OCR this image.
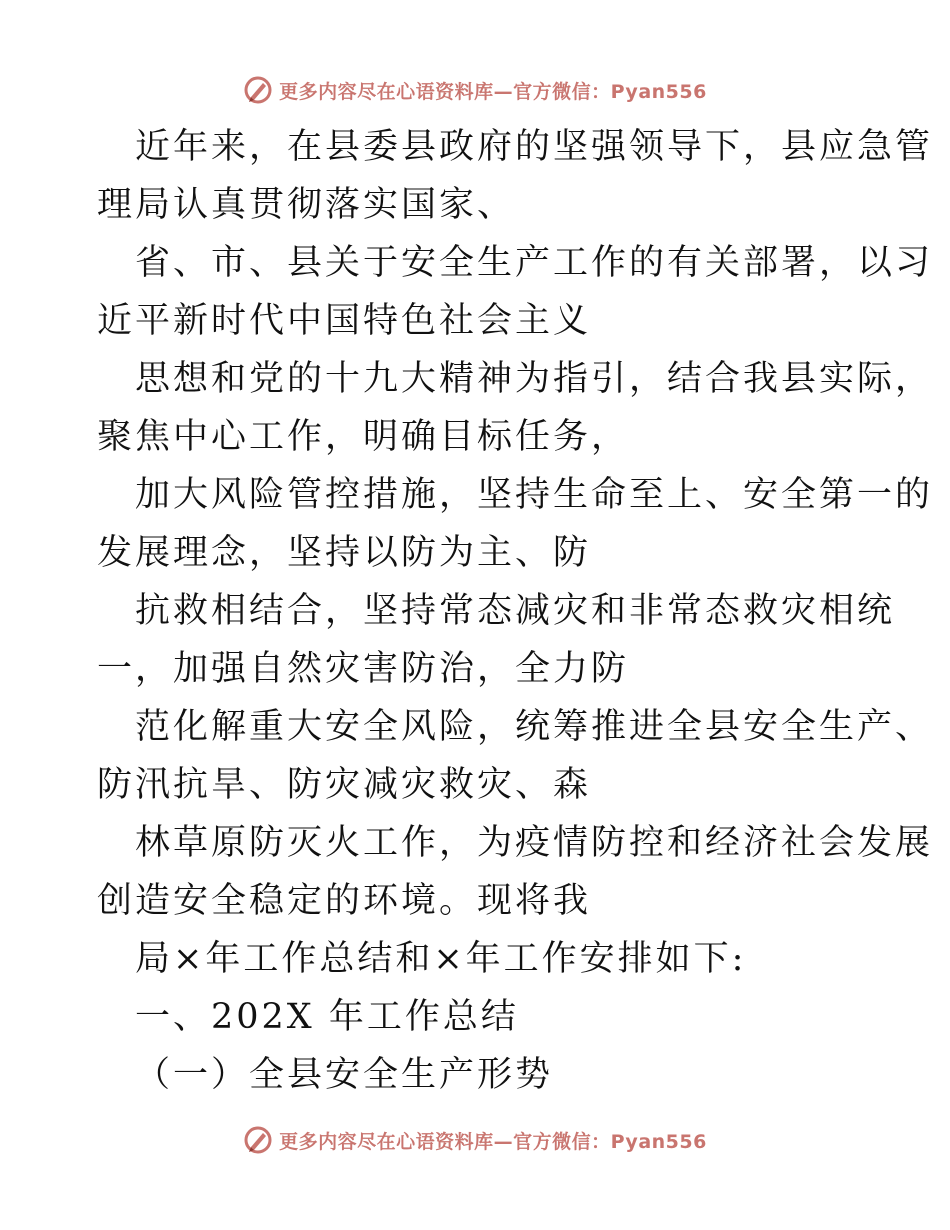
更多内容尽在心语资料库—官方微信：Pyan556
近年来，在县委县政府的坚强领导下，县应急管
理局认真贯彻落实国家、
省、市、县关于安全生产工作的有关部署，以习
近平新时代中国特色社会主义
思想和党的十九大精神为指引，结合我县实际，
聚焦中心工作，明确目标任务，
加大风险管控措施，坚持生命至上、安全第一的
发展理念，坚持以防为主、防
抗救相结合，坚持常态减灾和非常态救灾相统
一，加强自然灾害防治，全力防
范化解重大安全风险，统筹推进全县安全生产、
防汛抗旱、防灾减灾救灾、森
林草原防灭火工作，为疫情防控和经济社会发展
创造安全稳定的环境。现将我
局×年工作总结和×年工作安排如下:
一、202X 年工作总结
（一）全县安全生产形势
更多内容尽在心语资料库—官方微信：Pyan556
